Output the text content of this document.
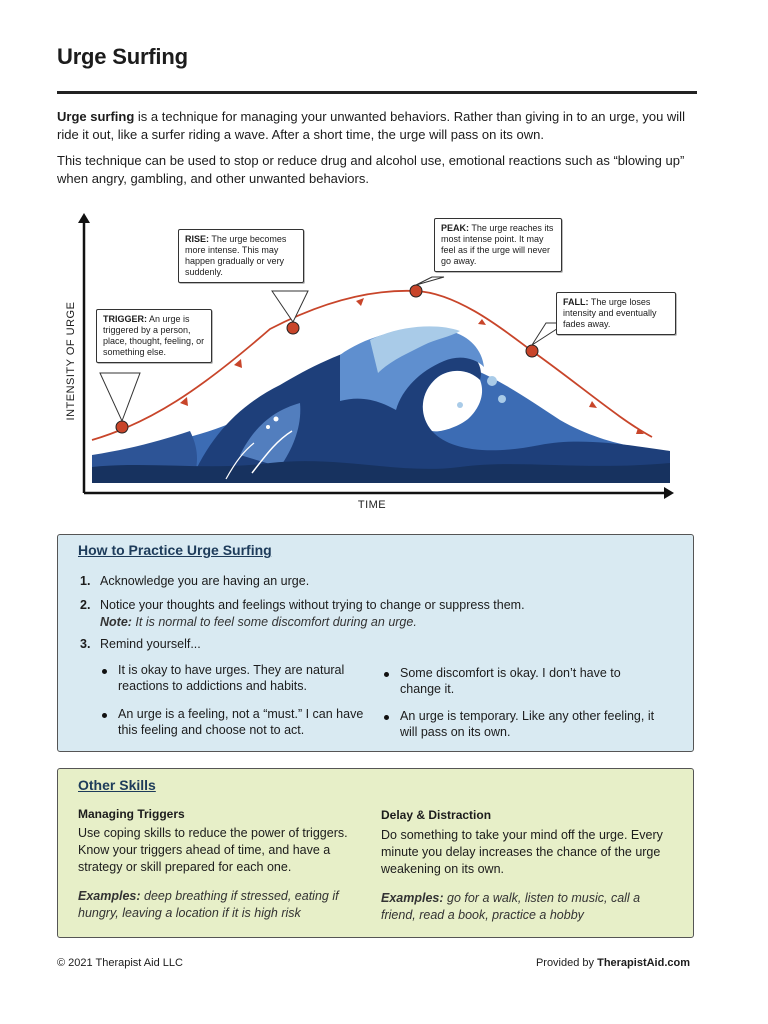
Urge Surfing

Urge surfing is a technique for managing your unwanted behaviors. Rather than giving in to an urge, you will ride it out, like a surfer riding a wave. After a short time, the urge will pass on its own.

This technique can be used to stop or reduce drug and alcohol use, emotional reactions such as “blowing up” when angry, gambling, and other unwanted behaviors.

INTENSITY OF URGE
TIME
TRIGGER: An urge is triggered by a person, place, thought, feeling, or something else.
RISE: The urge becomes more intense. This may happen gradually or very suddenly.
PEAK: The urge reaches its most intense point. It may feel as if the urge will never go away.
FALL: The urge loses intensity and eventually fades away.
How to Practice Urge Surfing
1. Acknowledge you are having an urge.
2. Notice your thoughts and feelings without trying to change or suppress them.
Note: It is normal to feel some discomfort during an urge.
3. Remind yourself...
It is okay to have urges. They are natural reactions to addictions and habits.
Some discomfort is okay. I don’t have to change it.
An urge is a feeling, not a “must.” I can have this feeling and choose not to act.
An urge is temporary. Like any other feeling, it will pass on its own.
Other Skills
Managing Triggers
Use coping skills to reduce the power of triggers. Know your triggers ahead of time, and have a strategy or skill prepared for each one.
Examples: deep breathing if stressed, eating if hungry, leaving a location if it is high risk
Delay & Distraction
Do something to take your mind off the urge. Every minute you delay increases the chance of the urge weakening on its own.
Examples: go for a walk, listen to music, call a friend, read a book, practice a hobby
© 2021 Therapist Aid LLC	Provided by TherapistAid.com
